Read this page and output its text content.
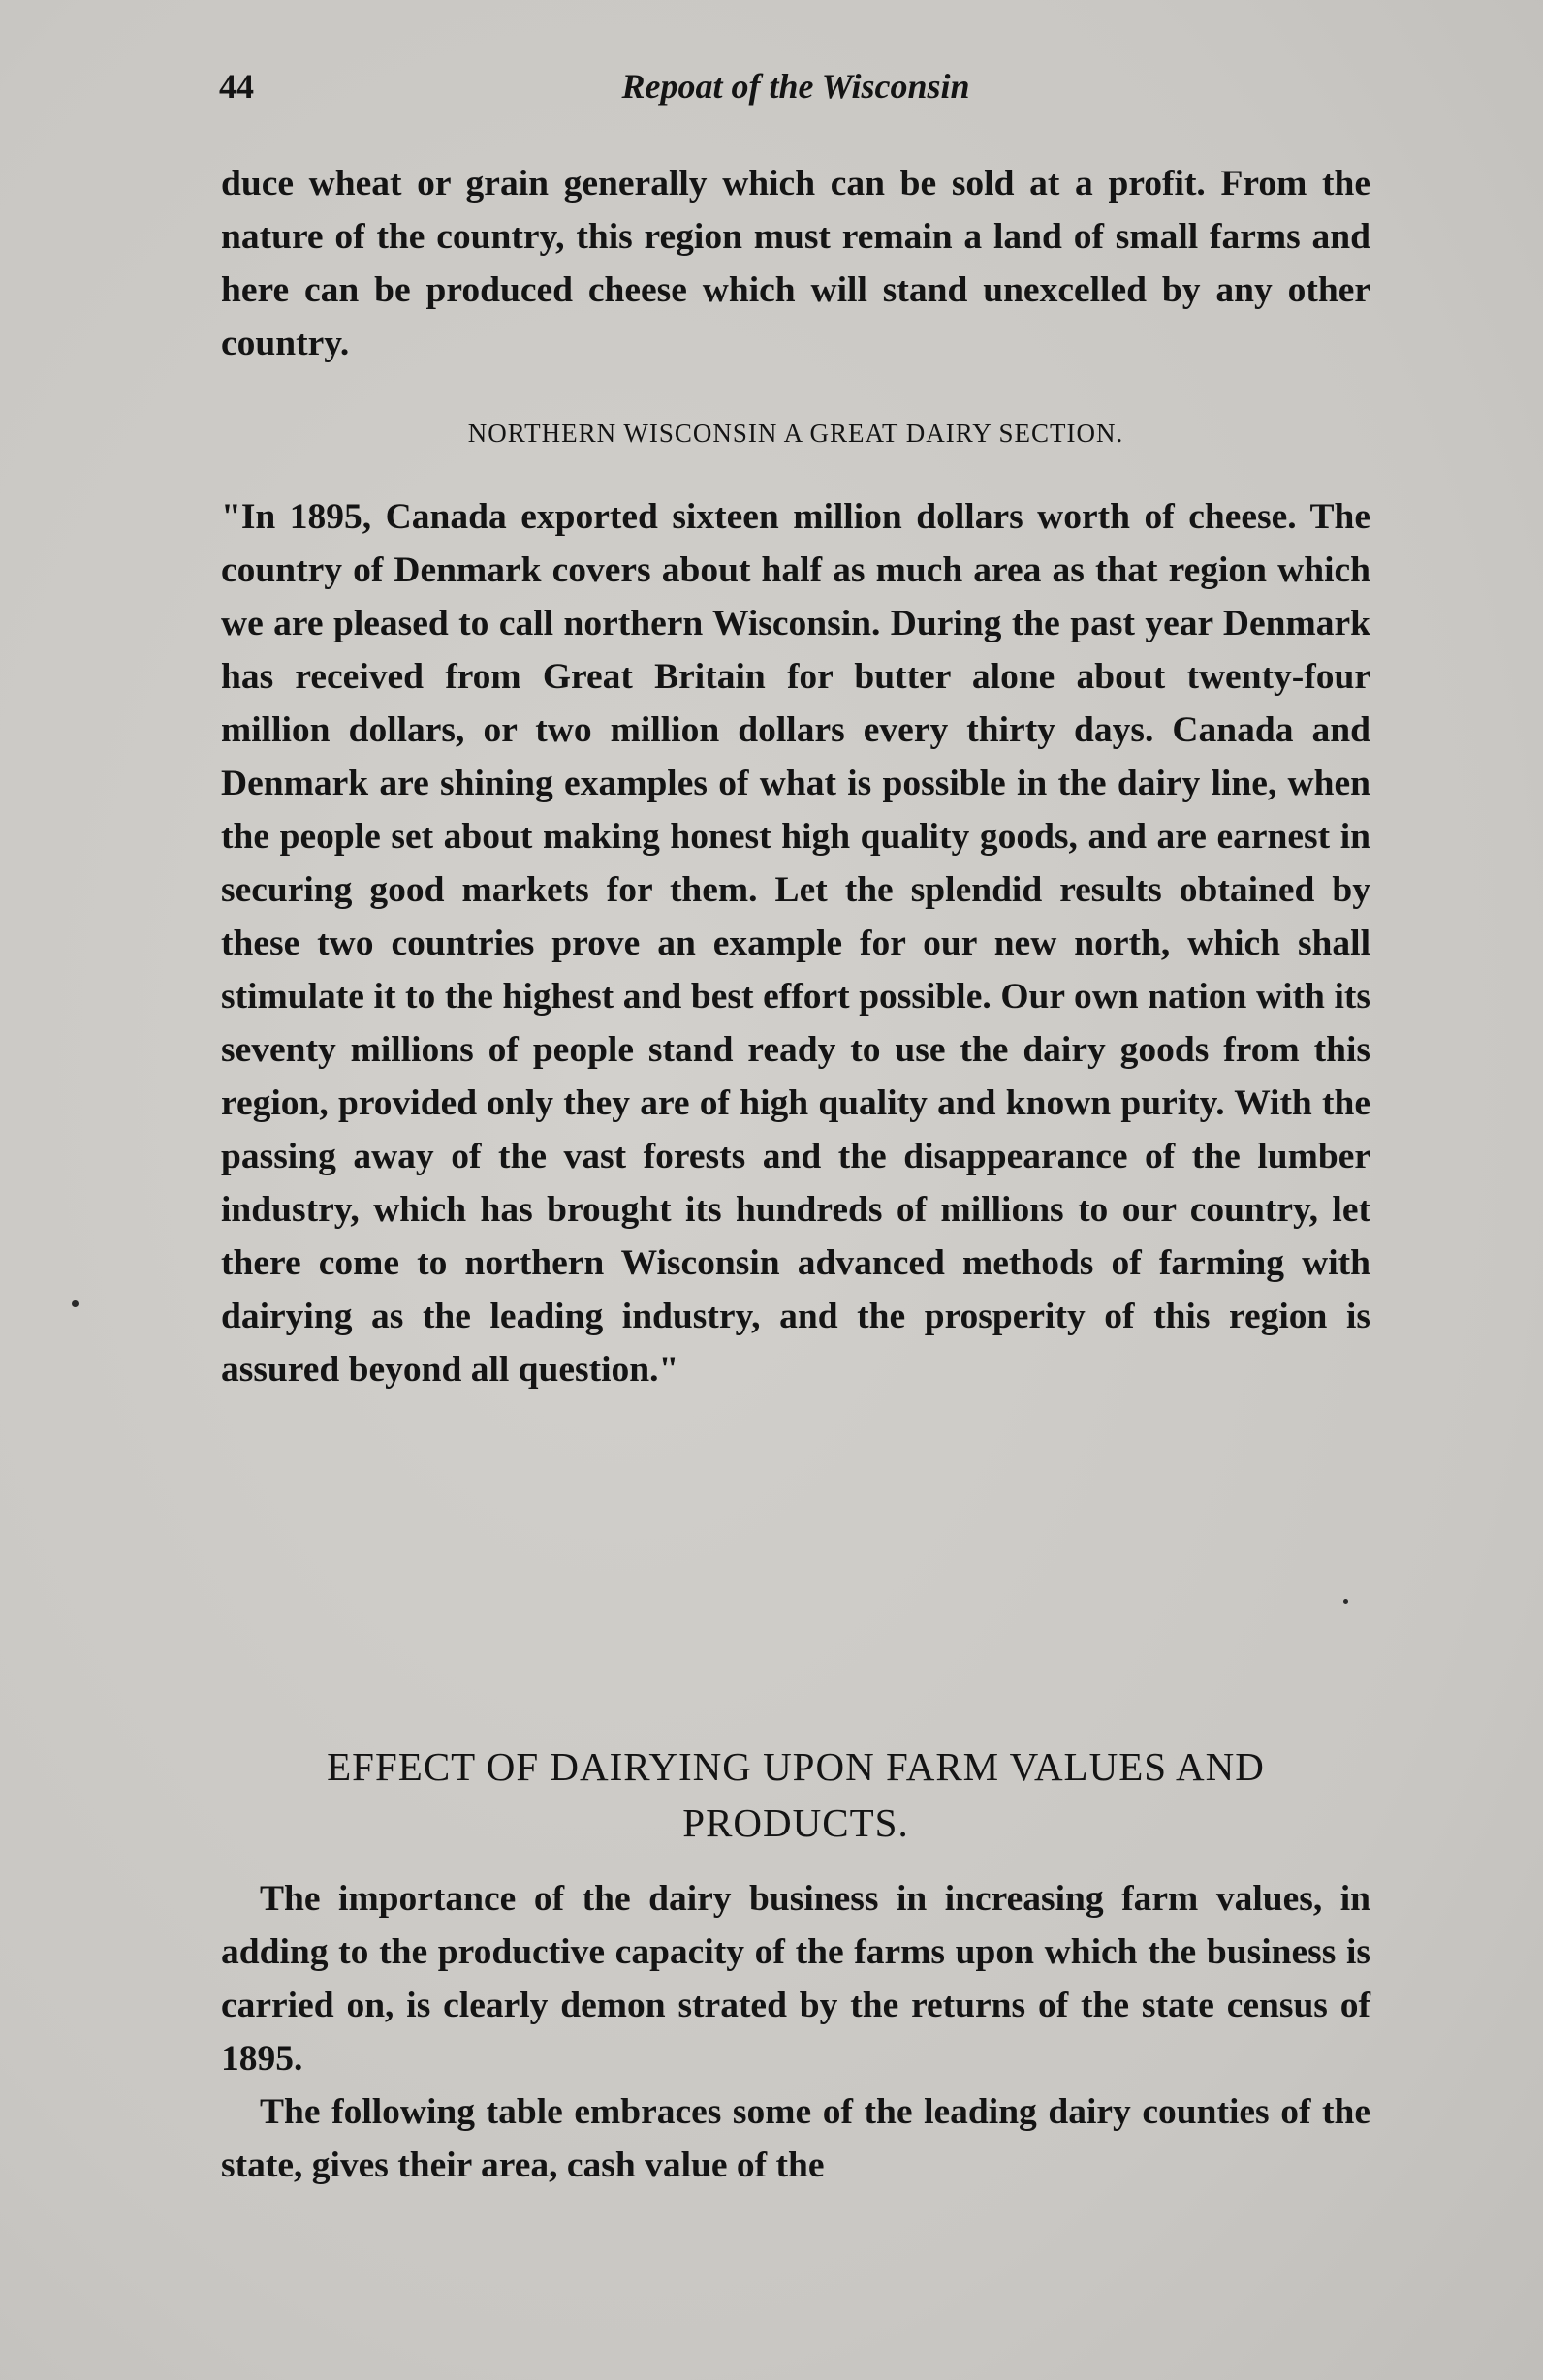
44	Repoat of the Wisconsin

duce wheat or grain generally which can be sold at a profit. From the nature of the country, this region must remain a land of small farms and here can be produced cheese which will stand unexcelled by any other country.

NORTHERN WISCONSIN A GREAT DAIRY SECTION.

"In 1895, Canada exported sixteen million dollars worth of cheese. The country of Denmark covers about half as much area as that region which we are pleased to call northern Wisconsin. During the past year Denmark has received from Great Britain for butter alone about twenty-four million dollars, or two million dollars every thirty days. Canada and Denmark are shining examples of what is possible in the dairy line, when the people set about making honest high quality goods, and are earnest in securing good markets for them. Let the splendid results obtained by these two countries prove an example for our new north, which shall stimulate it to the highest and best effort possible. Our own nation with its seventy millions of people stand ready to use the dairy goods from this region, provided only they are of high quality and known purity. With the passing away of the vast forests and the disappearance of the lumber industry, which has brought its hundreds of millions to our country, let there come to northern Wisconsin advanced methods of farming with dairying as the leading industry, and the prosperity of this region is assured beyond all question."

EFFECT OF DAIRYING UPON FARM VALUES AND
PRODUCTS.

The importance of the dairy business in increasing farm values, in adding to the productive capacity of the farms upon which the business is carried on, is clearly demon strated by the returns of the state census of 1895.

The following table embraces some of the leading dairy counties of the state, gives their area, cash value of the
